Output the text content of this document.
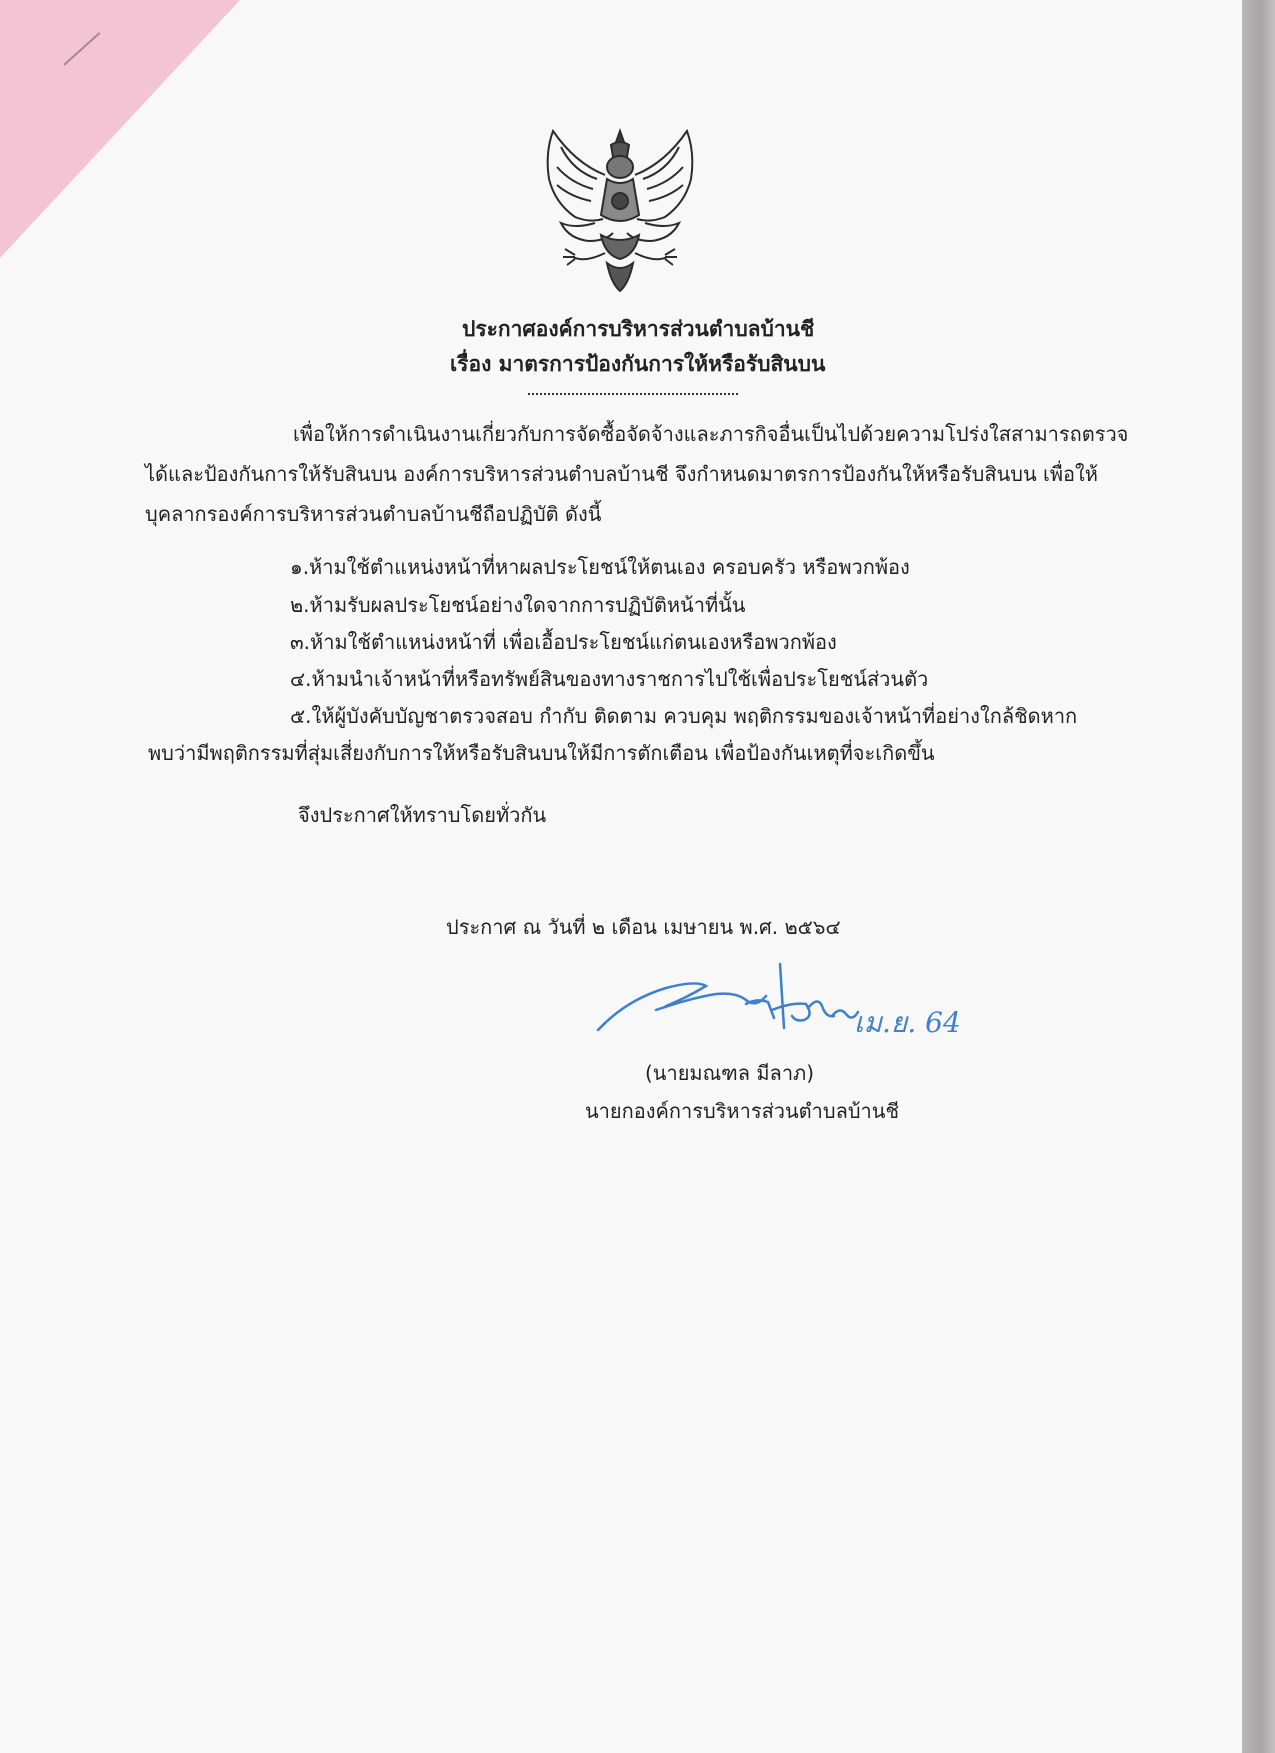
ประกาศองค์การบริหารส่วนตำบลบ้านชี
เรื่อง มาตรการป้องกันการให้หรือรับสินบน
เพื่อให้การดำเนินงานเกี่ยวกับการจัดซื้อจัดจ้างและภารกิจอื่นเป็นไปด้วยความโปร่งใสสามารถตรวจ
ได้และป้องกันการให้รับสินบน องค์การบริหารส่วนตำบลบ้านชี จึงกำหนดมาตรการป้องกันให้หรือรับสินบน เพื่อให้
บุคลากรองค์การบริหารส่วนตำบลบ้านชีถือปฏิบัติ ดังนี้
๑.ห้ามใช้ตำแหน่งหน้าที่หาผลประโยชน์ให้ตนเอง ครอบครัว หรือพวกพ้อง
๒.ห้ามรับผลประโยชน์อย่างใดจากการปฏิบัติหน้าที่นั้น
๓.ห้ามใช้ตำแหน่งหน้าที่ เพื่อเอื้อประโยชน์แก่ตนเองหรือพวกพ้อง
๔.ห้ามนำเจ้าหน้าที่หรือทรัพย์สินของทางราชการไปใช้เพื่อประโยชน์ส่วนตัว
๕.ให้ผู้บังคับบัญชาตรวจสอบ กำกับ ติดตาม ควบคุม พฤติกรรมของเจ้าหน้าที่อย่างใกล้ชิดหาก
พบว่ามีพฤติกรรมที่สุ่มเสี่ยงกับการให้หรือรับสินบนให้มีการตักเตือน เพื่อป้องกันเหตุที่จะเกิดขึ้น
จึงประกาศให้ทราบโดยทั่วกัน
ประกาศ ณ วันที่ ๒ เดือน เมษายน พ.ศ. ๒๕๖๔
เม.ย. 64
(นายมณฑล มีลาภ)
นายกองค์การบริหารส่วนตำบลบ้านชี
